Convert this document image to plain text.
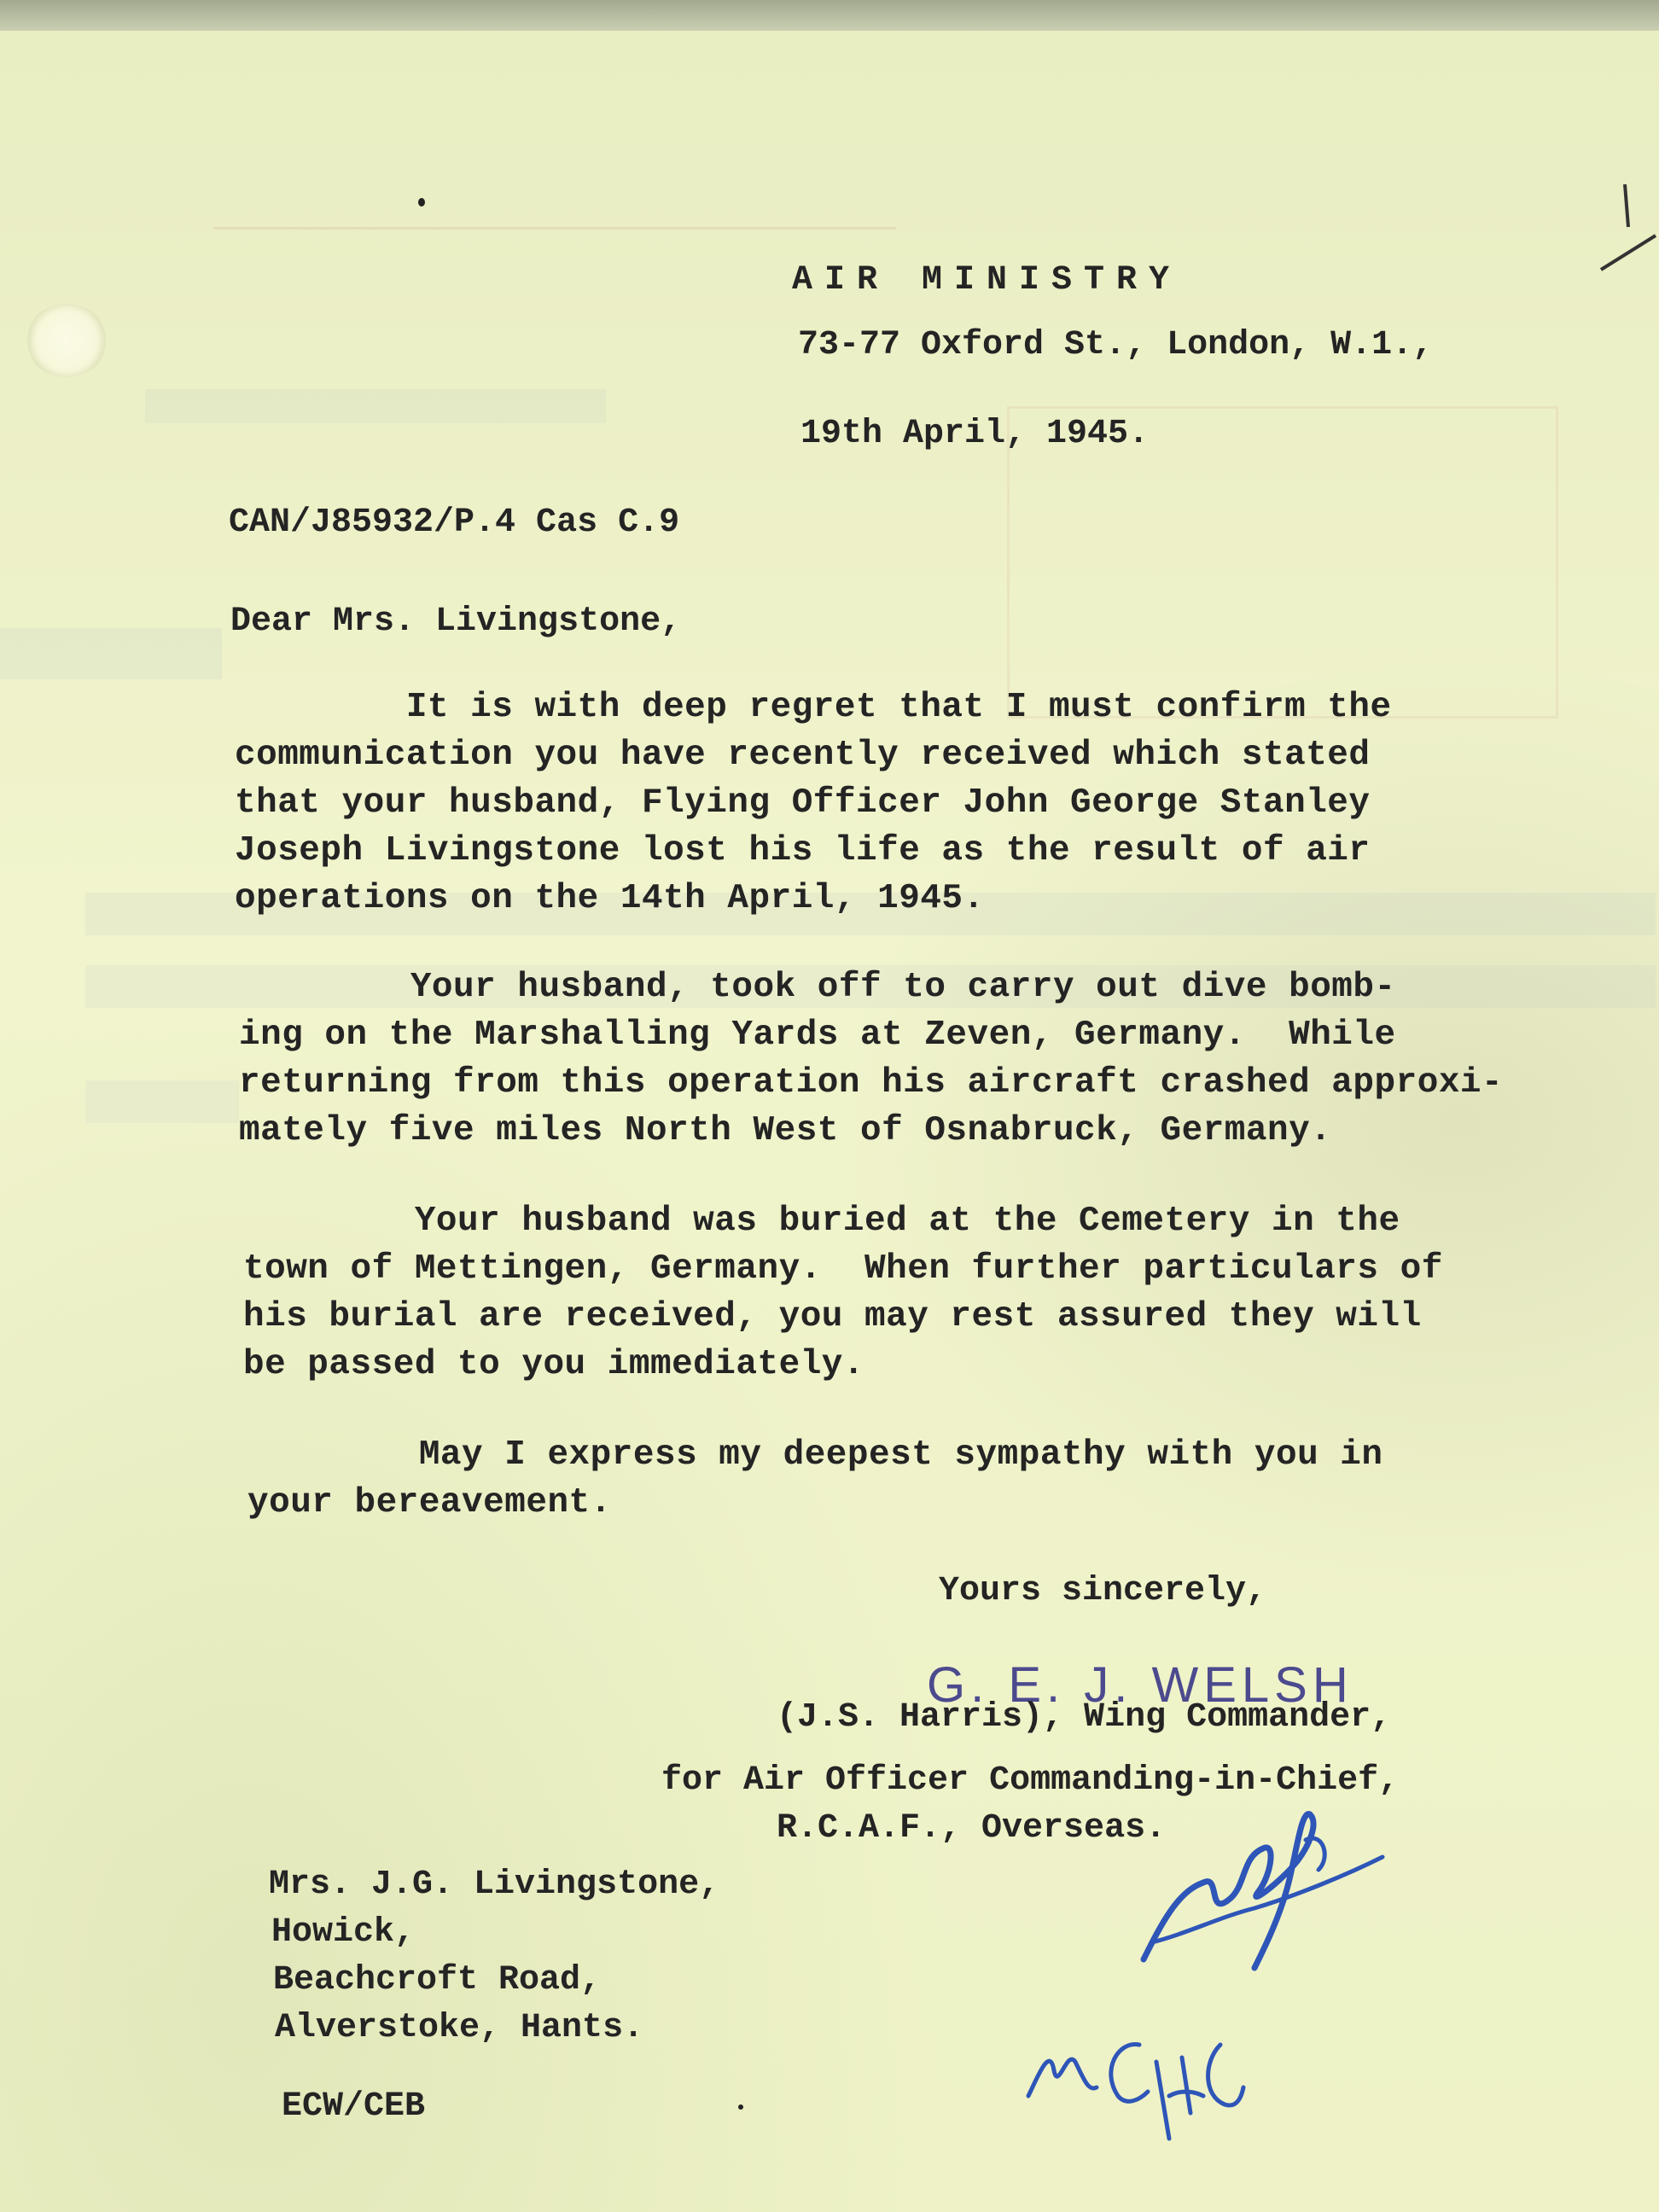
AIR MINISTRY
73-77 Oxford St., London, W.1.,
19th April, 1945.
CAN/J85932/P.4 Cas C.9
Dear Mrs. Livingstone,
It is with deep regret that I must confirm the
communication you have recently received which stated
that your husband, Flying Officer John George Stanley
Joseph Livingstone lost his life as the result of air
operations on the 14th April, 1945.
Your husband, took off to carry out dive bomb-
ing on the Marshalling Yards at Zeven, Germany.  While
returning from this operation his aircraft crashed approxi-
mately five miles North West of Osnabruck, Germany.
Your husband was buried at the Cemetery in the
town of Mettingen, Germany.  When further particulars of
his burial are received, you may rest assured they will
be passed to you immediately.
May I express my deepest sympathy with you in
your bereavement.
Yours sincerely,
G. E. J. WELSH
(J.S. Harris), Wing Commander,
for Air Officer Commanding-in-Chief,
R.C.A.F., Overseas.
Mrs. J.G. Livingstone,
Howick,
Beachcroft Road,
Alverstoke, Hants.
ECW/CEB
